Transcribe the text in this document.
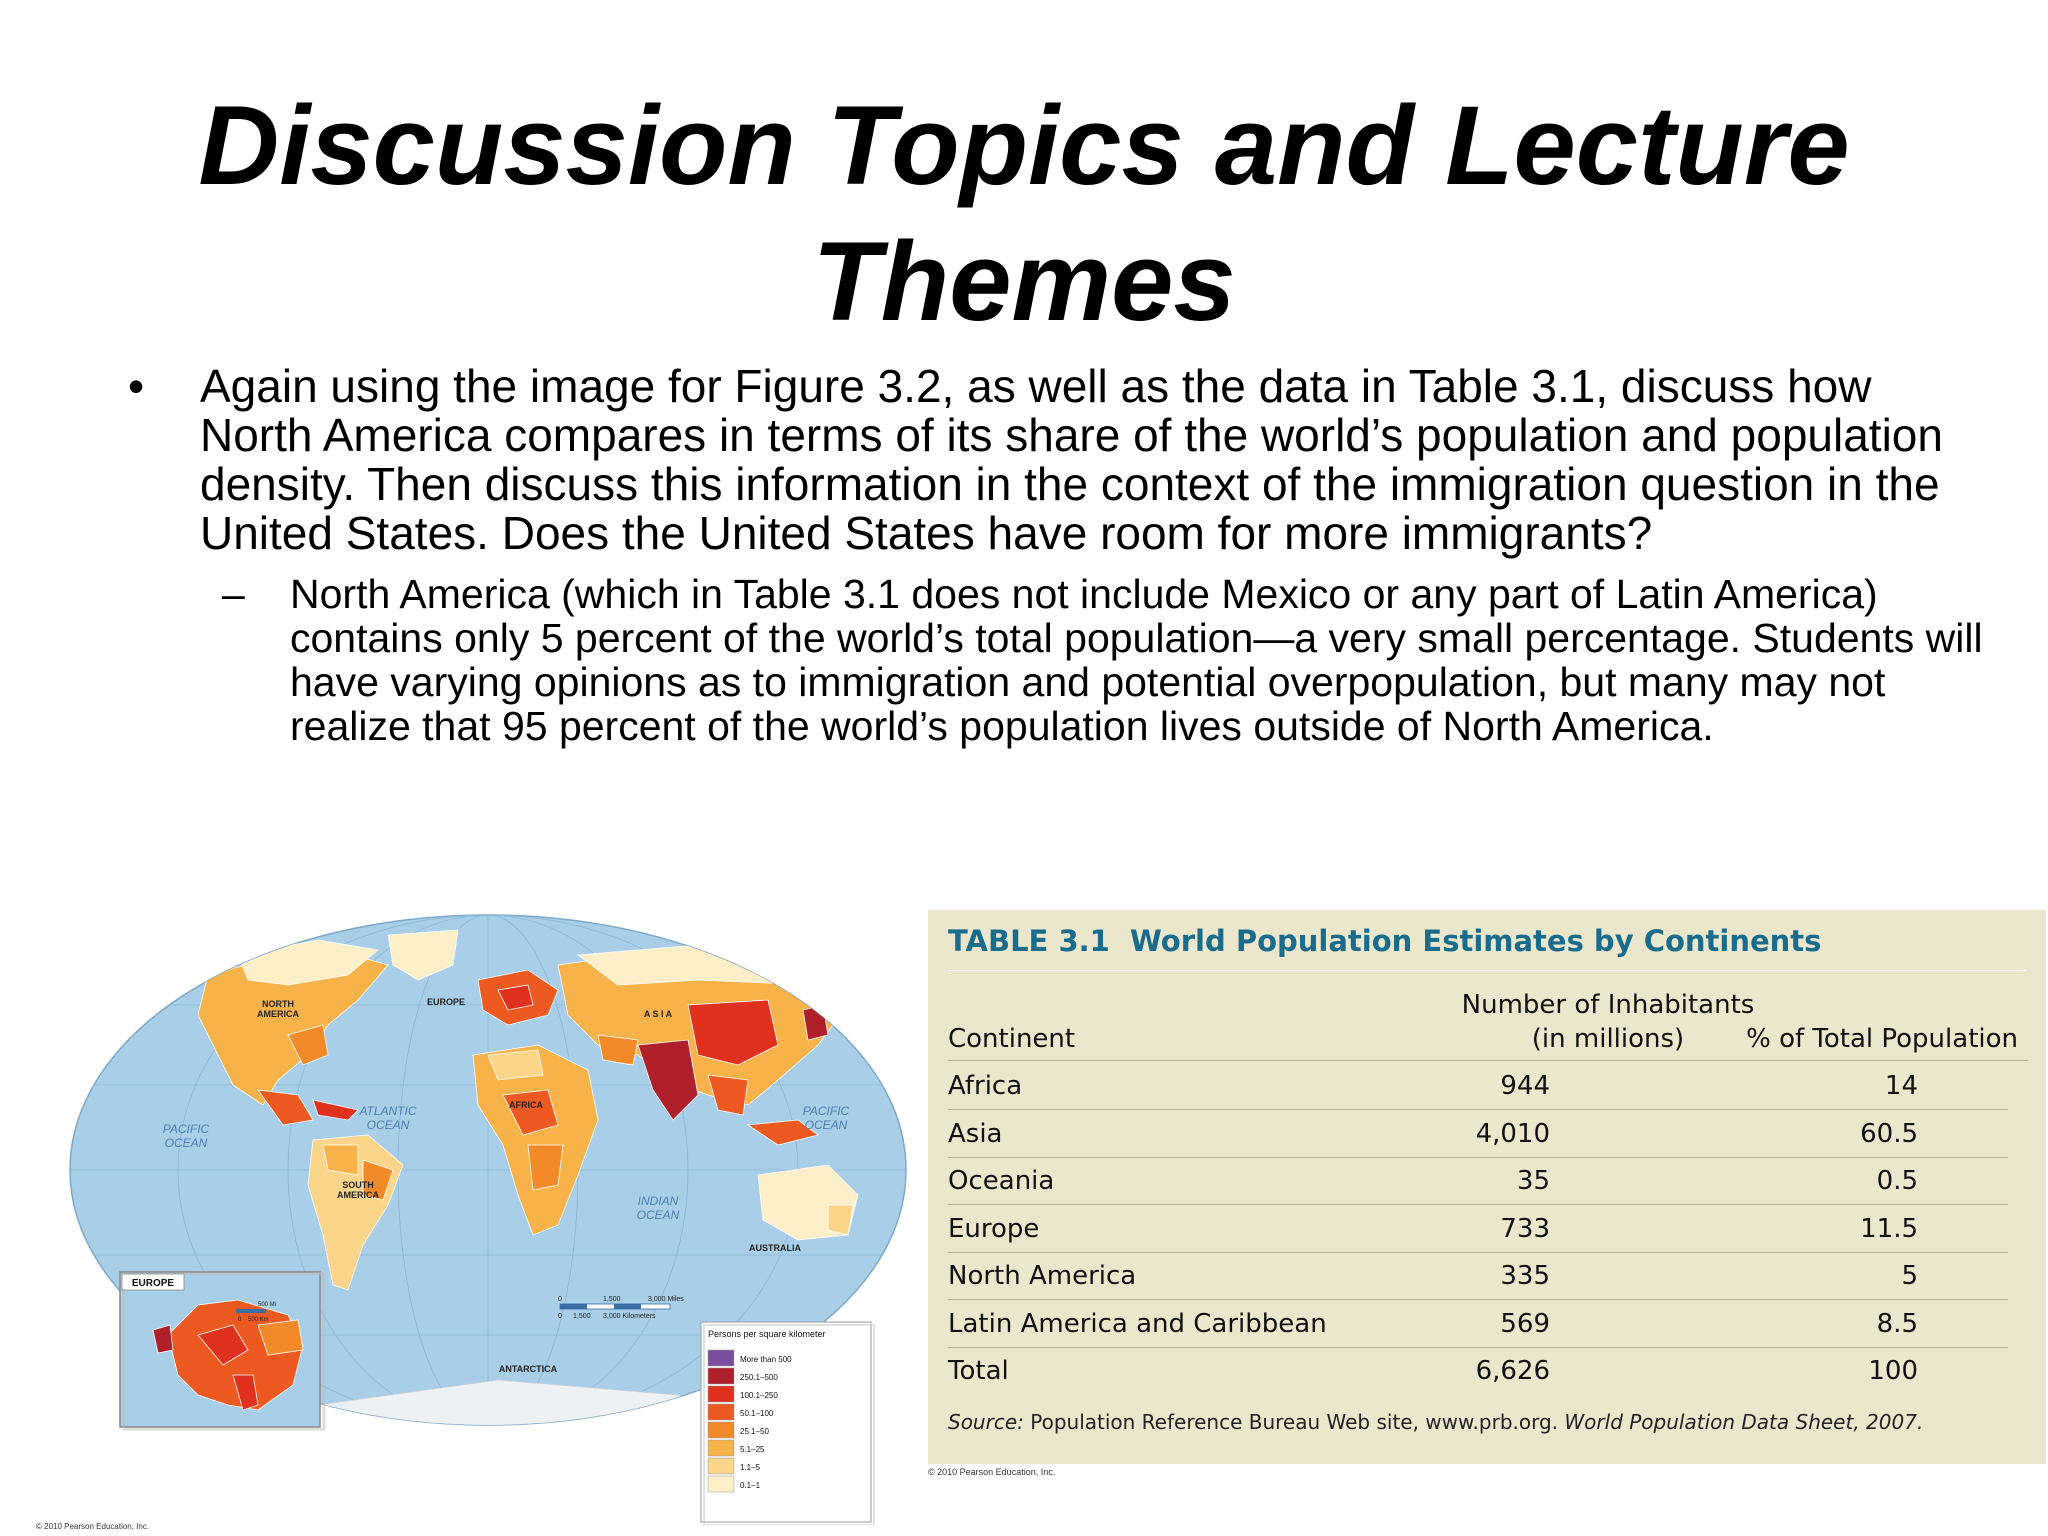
Discussion Topics and Lecture Themes
• Again using the image for Figure 3.2, as well as the data in Table 3.1, discuss how North America compares in terms of its share of the world’s population and population density. Then discuss this information in the context of the immigration question in the United States. Does the United States have room for more immigrants?
– North America (which in Table 3.1 does not include Mexico or any part of Latin America) contains only 5 percent of the world’s total population—a very small percentage. Students will have varying opinions as to immigration and potential overpopulation, but many may not realize that 95 percent of the world’s population lives outside of North America.
NORTH
AMERICA
EUROPE
A S I A
AFRICA
SOUTH
AMERICA
AUSTRALIA
ANTARCTICA
ATLANTIC
OCEAN
PACIFIC
OCEAN
PACIFIC
OCEAN
INDIAN
OCEAN
0	1,500	3,000 Miles
0 1,500 3,000 Kilometers
EUROPE
500 Mi
0 500 Km
Persons per square kilometer
More than 500
250.1–500
100.1–250
50.1–100
25.1–50
5.1–25
1.1–5
0.1–1
© 2010 Pearson Education, Inc.
TABLE 3.1 World Population Estimates by Continents
Continent
Number of Inhabitants
(in millions)	% of Total Population
Africa	944	14
Asia	4,010	60.5
Oceania	35	0.5
Europe	733	11.5
North America	335	5
Latin America and Caribbean	569	8.5
Total	6,626	100
Source: Population Reference Bureau Web site, www.prb.org. World Population Data Sheet, 2007.
© 2010 Pearson Education, Inc.
